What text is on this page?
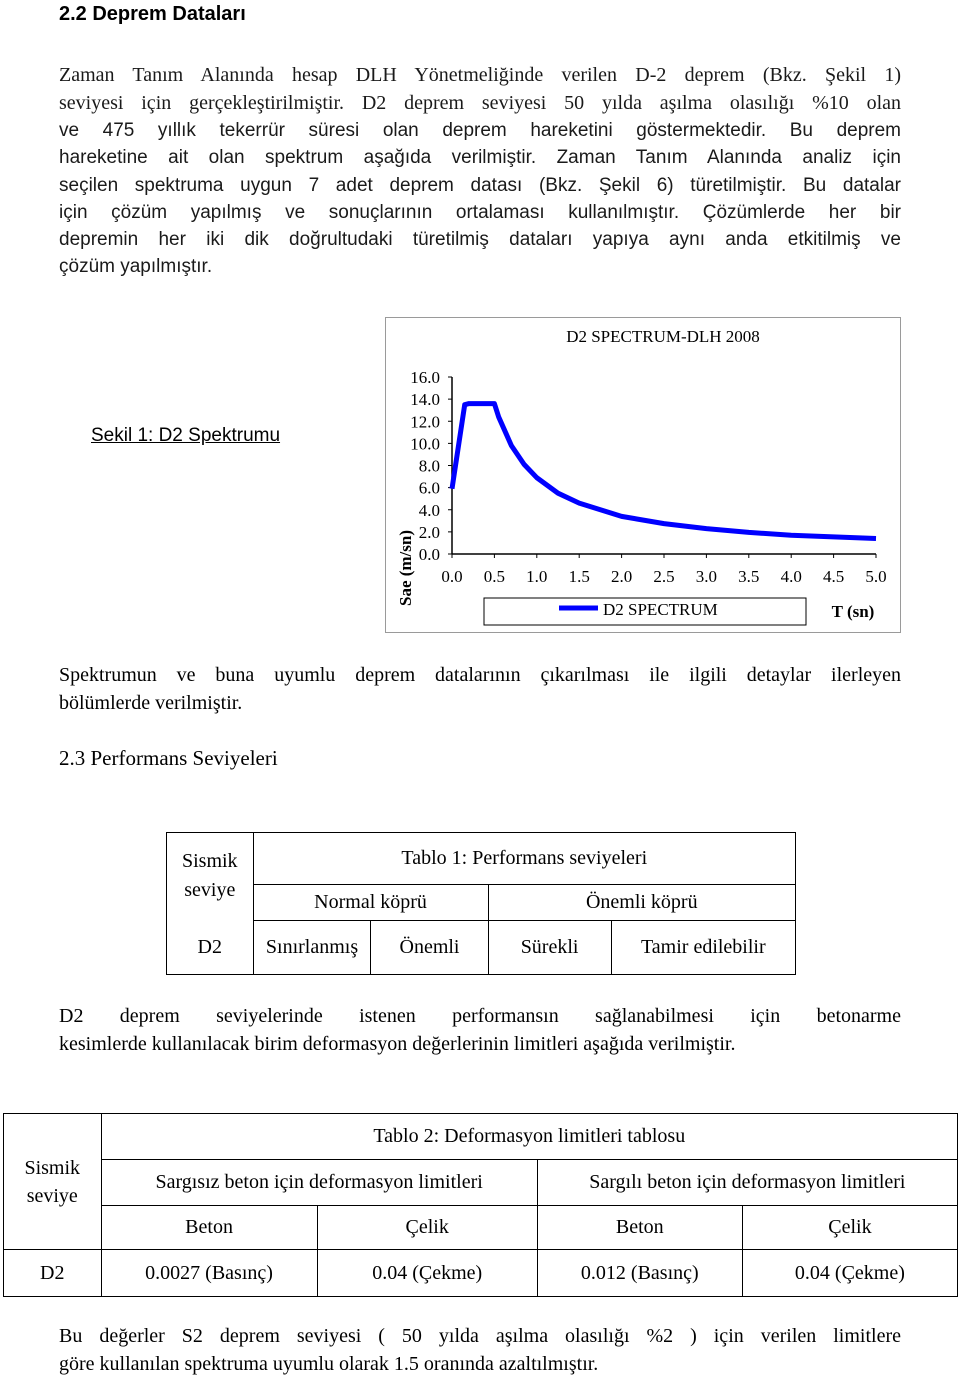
2.2 Deprem Dataları
Zaman Tanım Alanında hesap DLH Yönetmeliğinde verilen D-2 deprem (Bkz. Şekil 1)
seviyesi için gerçekleştirilmiştir. D2 deprem seviyesi 50 yılda aşılma olasılığı %10 olan
ve 475 yıllık tekerrür süresi olan deprem hareketini göstermektedir. Bu deprem
hareketine ait olan spektrum aşağıda verilmiştir. Zaman Tanım Alanında analiz için
seçilen spektruma uygun 7 adet deprem datası (Bkz. Şekil 6) türetilmiştir. Bu datalar
için çözüm yapılmış ve sonuçlarının ortalaması kullanılmıştır. Çözümlerde her bir
depremin her iki dik doğrultudaki türetilmiş dataları yapıya aynı anda etkitilmiş ve
çözüm yapılmıştır.
Sekil 1: D2 Spektrumu
D2 SPECTRUM-DLH 2008
Sae (m/sn)
T (sn)
16.0
14.0
12.0
10.0
8.0
6.0
4.0
2.0
0.0
0.0 0.5 1.0 1.5 2.0 2.5 3.0 3.5 4.0 4.5 5.0
D2 SPECTRUM
Spektrumun ve buna uyumlu deprem datalarının çıkarılması ile ilgili detaylar ilerleyen
bölümlerde verilmiştir.
2.3 Performans Seviyeleri
Sismik seviye	Tablo 1: Performans seviyeleri			
	Normal köprü		Önemli köprü	
D2	Sınırlanmış	Önemli	Sürekli	Tamir edilebilir
D2 deprem seviyelerinde istenen performansın sağlanabilmesi için betonarme
kesimlerde kullanılacak birim deformasyon değerlerinin limitleri aşağıda verilmiştir.
Sismik seviye	Tablo 2: Deformasyon limitleri tablosu			
	Sargısız beton için deformasyon limitleri		Sargılı beton için deformasyon limitleri	
	Beton	Çelik	Beton	Çelik
D2	0.0027 (Basınç)	0.04 (Çekme)	0.012 (Basınç)	0.04 (Çekme)
Bu değerler S2 deprem seviyesi ( 50 yılda aşılma olasılığı %2 ) için verilen limitlere
göre kullanılan spektruma uyumlu olarak 1.5 oranında azaltılmıştır.
